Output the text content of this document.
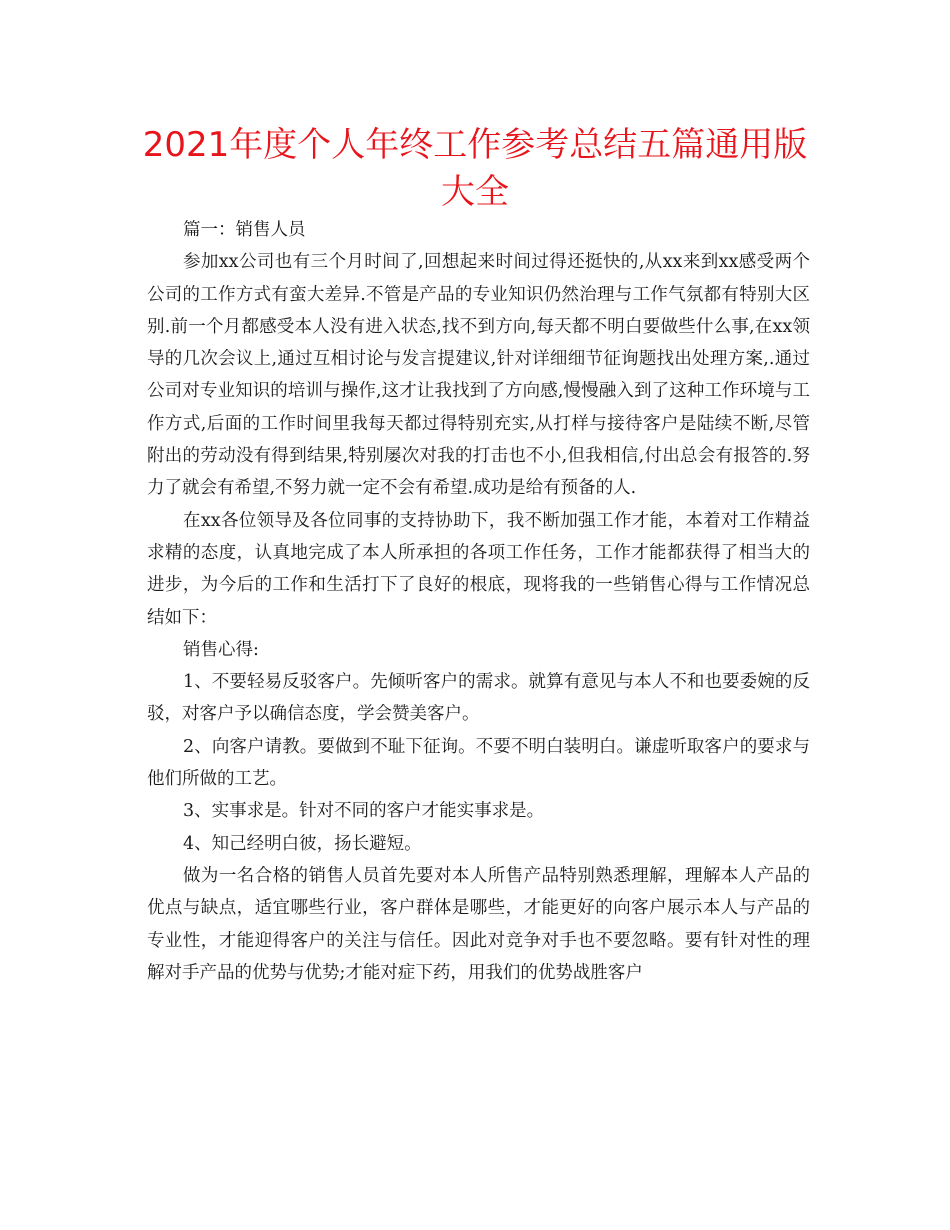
2021年度个人年终工作参考总结五篇通用版大全

篇一：销售人员

参加xx公司也有三个月时间了,回想起来时间过得还挺快的,从xx来到xx感受两个公司的工作方式有蛮大差异.不管是产品的专业知识仍然治理与工作气氛都有特别大区别.前一个月都感受本人没有进入状态,找不到方向,每天都不明白要做些什么事,在xx领导的几次会议上,通过互相讨论与发言提建议,针对详细细节征询题找出处理方案,.通过公司对专业知识的培训与操作,这才让我找到了方向感,慢慢融入到了这种工作环境与工作方式,后面的工作时间里我每天都过得特别充实,从打样与接待客户是陆续不断,尽管附出的劳动没有得到结果,特别屡次对我的打击也不小,但我相信,付出总会有报答的.努力了就会有希望,不努力就一定不会有希望.成功是给有预备的人.

在xx各位领导及各位同事的支持协助下，我不断加强工作才能，本着对工作精益求精的态度，认真地完成了本人所承担的各项工作任务，工作才能都获得了相当大的进步，为今后的工作和生活打下了良好的根底，现将我的一些销售心得与工作情况总结如下：

销售心得:

1、不要轻易反驳客户。先倾听客户的需求。就算有意见与本人不和也要委婉的反驳，对客户予以确信态度，学会赞美客户。

2、向客户请教。要做到不耻下征询。不要不明白装明白。谦虚听取客户的要求与他们所做的工艺。

3、实事求是。针对不同的客户才能实事求是。

4、知己经明白彼，扬长避短。

做为一名合格的销售人员首先要对本人所售产品特别熟悉理解，理解本人产品的优点与缺点，适宜哪些行业，客户群体是哪些，才能更好的向客户展示本人与产品的专业性，才能迎得客户的关注与信任。因此对竞争对手也不要忽略。要有针对性的理解对手产品的优势与优势;才能对症下药，用我们的优势战胜客户
